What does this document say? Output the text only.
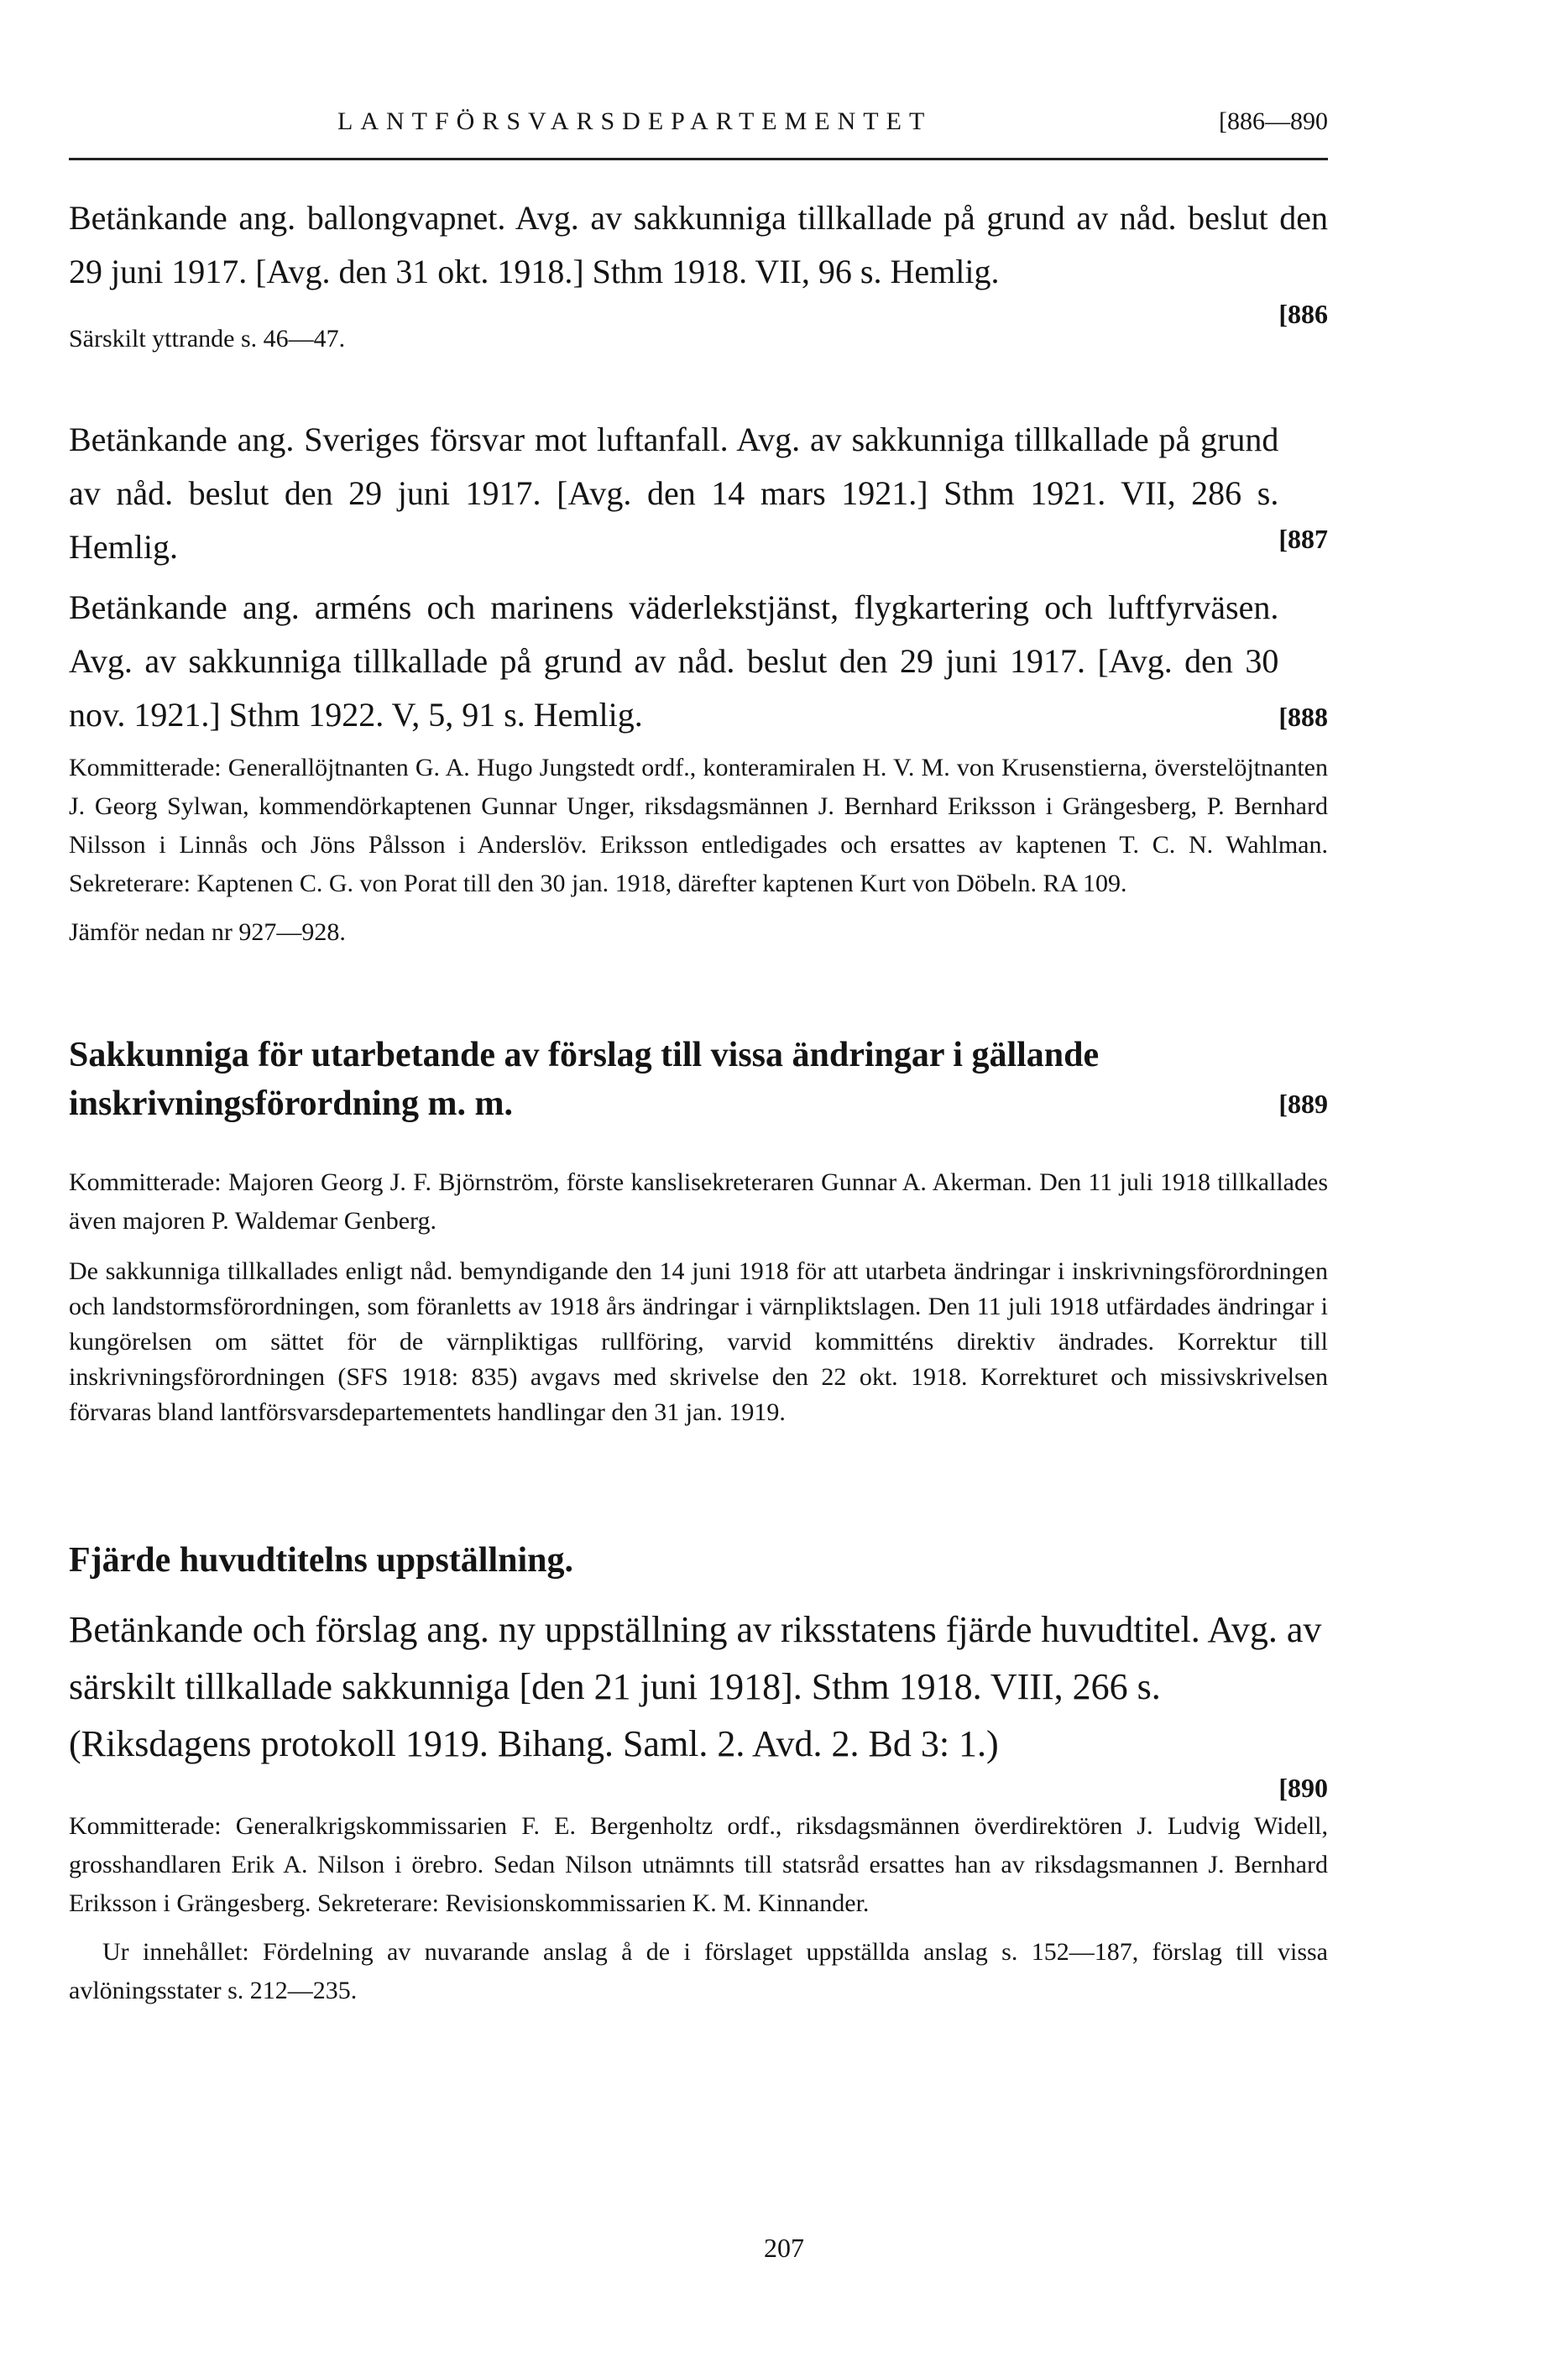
LANTFÖRSVARSDEPARTEMENTET	[886—890

Betänkande ang. ballongvapnet. Avg. av sakkunniga tillkallade på grund av nåd. beslut den 29 juni 1917. [Avg. den 31 okt. 1918.] Sthm 1918. VII, 96 s. Hemlig.

[886

Särskilt yttrande s. 46—47.

[887
Betänkande ang. Sveriges försvar mot luftanfall. Avg. av sakkunniga tillkallade på grund av nåd. beslut den 29 juni 1917. [Avg. den 14 mars 1921.] Sthm 1921. VII, 286 s. Hemlig.

[888
Betänkande ang. arméns och marinens väderlekstjänst, flygkartering och luftfyrväsen. Avg. av sakkunniga tillkallade på grund av nåd. beslut den 29 juni 1917. [Avg. den 30 nov. 1921.] Sthm 1922. V, 5, 91 s. Hemlig.

Kommitterade: Generallöjtnanten G. A. Hugo Jungstedt ordf., konteramiralen H. V. M. von Krusenstierna, överstelöjtnanten J. Georg Sylwan, kommendörkaptenen Gunnar Unger, riksdagsmännen J. Bernhard Eriksson i Grängesberg, P. Bernhard Nilsson i Linnås och Jöns Pålsson i Anderslöv. Eriksson entledigades och ersattes av kaptenen T. C. N. Wahlman. Sekreterare: Kaptenen C. G. von Porat till den 30 jan. 1918, därefter kaptenen Kurt von Döbeln. RA 109.

Jämför nedan nr 927—928.

[889
Sakkunniga för utarbetande av förslag till vissa ändringar i gällande inskrivningsförordning m. m.

Kommitterade: Majoren Georg J. F. Björnström, förste kanslisekreteraren Gunnar A. Akerman. Den 11 juli 1918 tillkallades även majoren P. Waldemar Genberg.

De sakkunniga tillkallades enligt nåd. bemyndigande den 14 juni 1918 för att utarbeta ändringar i inskrivningsförordningen och landstormsförordningen, som föranletts av 1918 års ändringar i värnpliktslagen. Den 11 juli 1918 utfärdades ändringar i kungörelsen om sättet för de värnpliktigas rullföring, varvid kommitténs direktiv ändrades. Korrektur till inskrivningsförordningen (SFS 1918: 835) avgavs med skrivelse den 22 okt. 1918. Korrekturet och missivskrivelsen förvaras bland lantförsvarsdepartementets handlingar den 31 jan. 1919.

Fjärde huvudtitelns uppställning.

Betänkande och förslag ang. ny uppställning av riksstatens fjärde huvudtitel. Avg. av särskilt tillkallade sakkunniga [den 21 juni 1918]. Sthm 1918. VIII, 266 s. (Riksdagens protokoll 1919. Bihang. Saml. 2. Avd. 2. Bd 3: 1.)

[890

Kommitterade: Generalkrigskommissarien F. E. Bergenholtz ordf., riksdagsmännen överdirektören J. Ludvig Widell, grosshandlaren Erik A. Nilson i örebro. Sedan Nilson utnämnts till statsråd ersattes han av riksdagsmannen J. Bernhard Eriksson i Grängesberg. Sekreterare: Revisionskommissarien K. M. Kinnander.

Ur innehållet: Fördelning av nuvarande anslag å de i förslaget uppställda anslag s. 152—187, förslag till vissa avlöningsstater s. 212—235.

207
